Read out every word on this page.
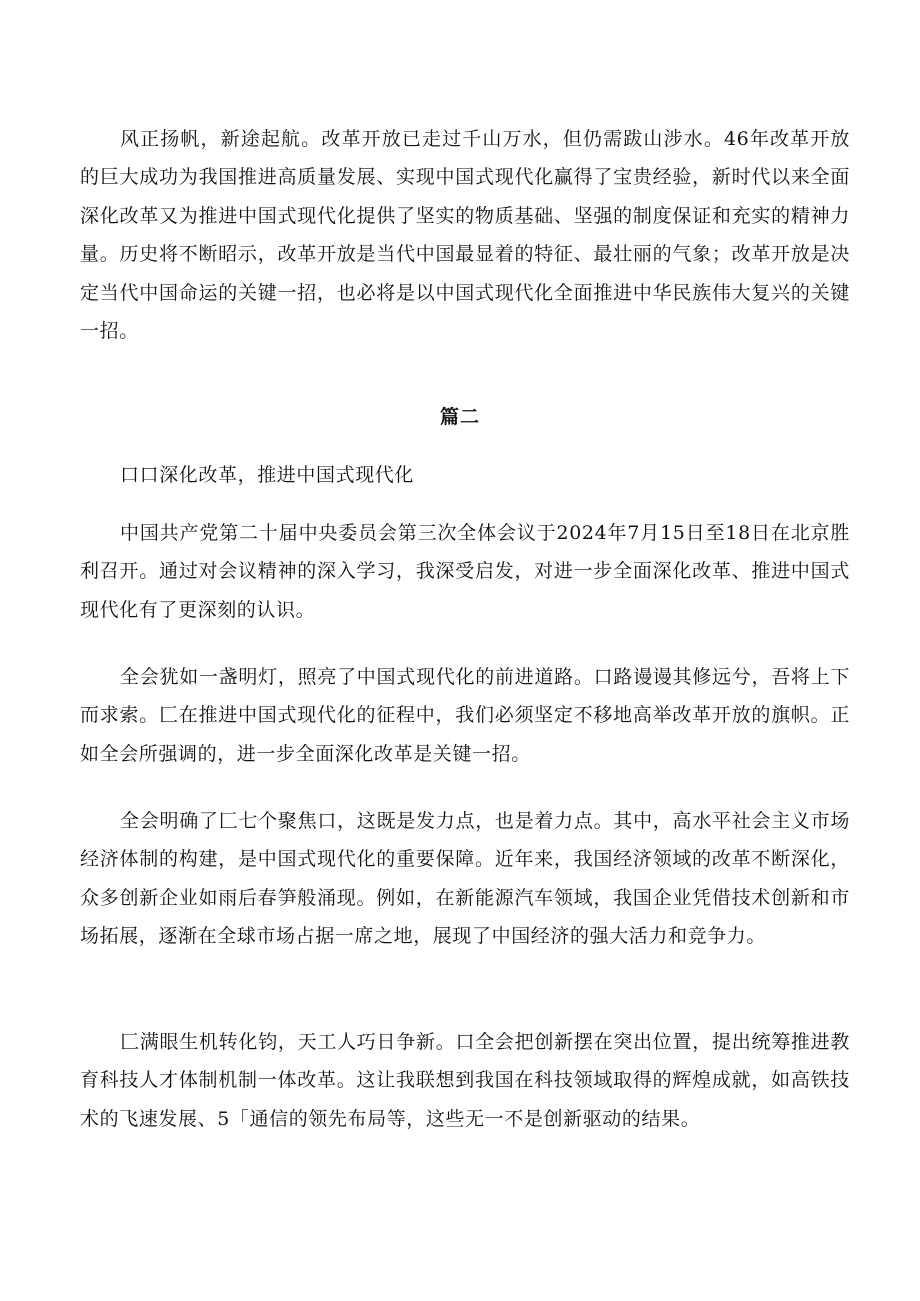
风正扬帆，新途起航。改革开放已走过千山万水，但仍需跋山涉水。46年改革开放的巨大成功为我国推进高质量发展、实现中国式现代化赢得了宝贵经验，新时代以来全面深化改革又为推进中国式现代化提供了坚实的物质基础、坚强的制度保证和充实的精神力量。历史将不断昭示，改革开放是当代中国最显着的特征、最壮丽的气象；改革开放是决定当代中国命运的关键一招，也必将是以中国式现代化全面推进中华民族伟大复兴的关键一招。

篇二

口口深化改革，推进中国式现代化

中国共产党第二十届中央委员会第三次全体会议于2024年7月15日至18日在北京胜利召开。通过对会议精神的深入学习，我深受启发，对进一步全面深化改革、推进中国式现代化有了更深刻的认识。

全会犹如一盏明灯，照亮了中国式现代化的前进道路。口路谩谩其修远兮，吾将上下而求索。匚在推进中国式现代化的征程中，我们必须坚定不移地高举改革开放的旗帜。正如全会所强调的，进一步全面深化改革是关键一招。

全会明确了匚七个聚焦口，这既是发力点，也是着力点。其中，高水平社会主义市场经济体制的构建，是中国式现代化的重要保障。近年来，我国经济领域的改革不断深化，众多创新企业如雨后春笋般涌现。例如，在新能源汽车领域，我国企业凭借技术创新和市场拓展，逐渐在全球市场占据一席之地，展现了中国经济的强大活力和竞争力。

匚满眼生机转化钧，天工人巧日争新。口全会把创新摆在突出位置，提出统筹推进教育科技人才体制机制一体改革。这让我联想到我国在科技领域取得的辉煌成就，如高铁技术的飞速发展、5「通信的领先布局等，这些无一不是创新驱动的结果。
